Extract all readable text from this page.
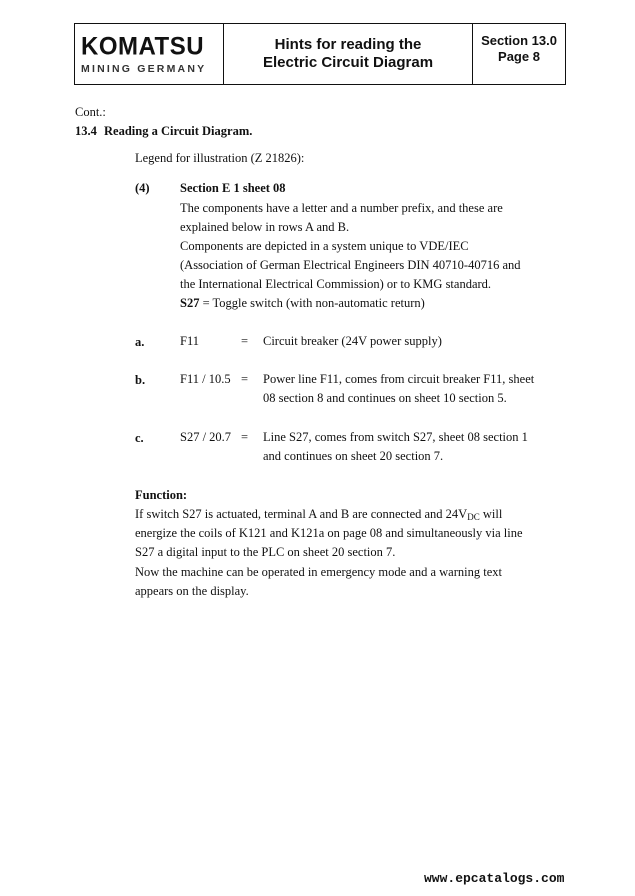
KOMATSU
MINING GERMANY
Hints for reading the
Electric Circuit Diagram
Section 13.0
Page 8
Cont.:
13.4 Reading a Circuit Diagram.
Legend for illustration (Z 21826):
(4) Section E 1 sheet 08
The components have a letter and a number prefix, and these are
explained below in rows A and B.
Components are depicted in a system unique to VDE/IEC
(Association of German Electrical Engineers DIN 40710-40716 and
the International Electrical Commission) or to KMG standard.
S27 = Toggle switch (with non-automatic return)
a.	F11	= Circuit breaker (24V power supply)
b.	F11 / 10.5 = Power line F11, comes from circuit breaker F11, sheet
08 section 8 and continues on sheet 10 section 5.
c.	S27 / 20.7 = Line S27, comes from switch S27, sheet 08 section 1
and continues on sheet 20 section 7.
Function:
If switch S27 is actuated, terminal A and B are connected and $24V_{DC}$ will
energize the coils of K121 and K121a on page 08 and simultaneously via line
S27 a digital input to the PLC on sheet 20 section 7.
Now the machine can be operated in emergency mode and a warning text
appears on the display.
www.epcatalogs.com
